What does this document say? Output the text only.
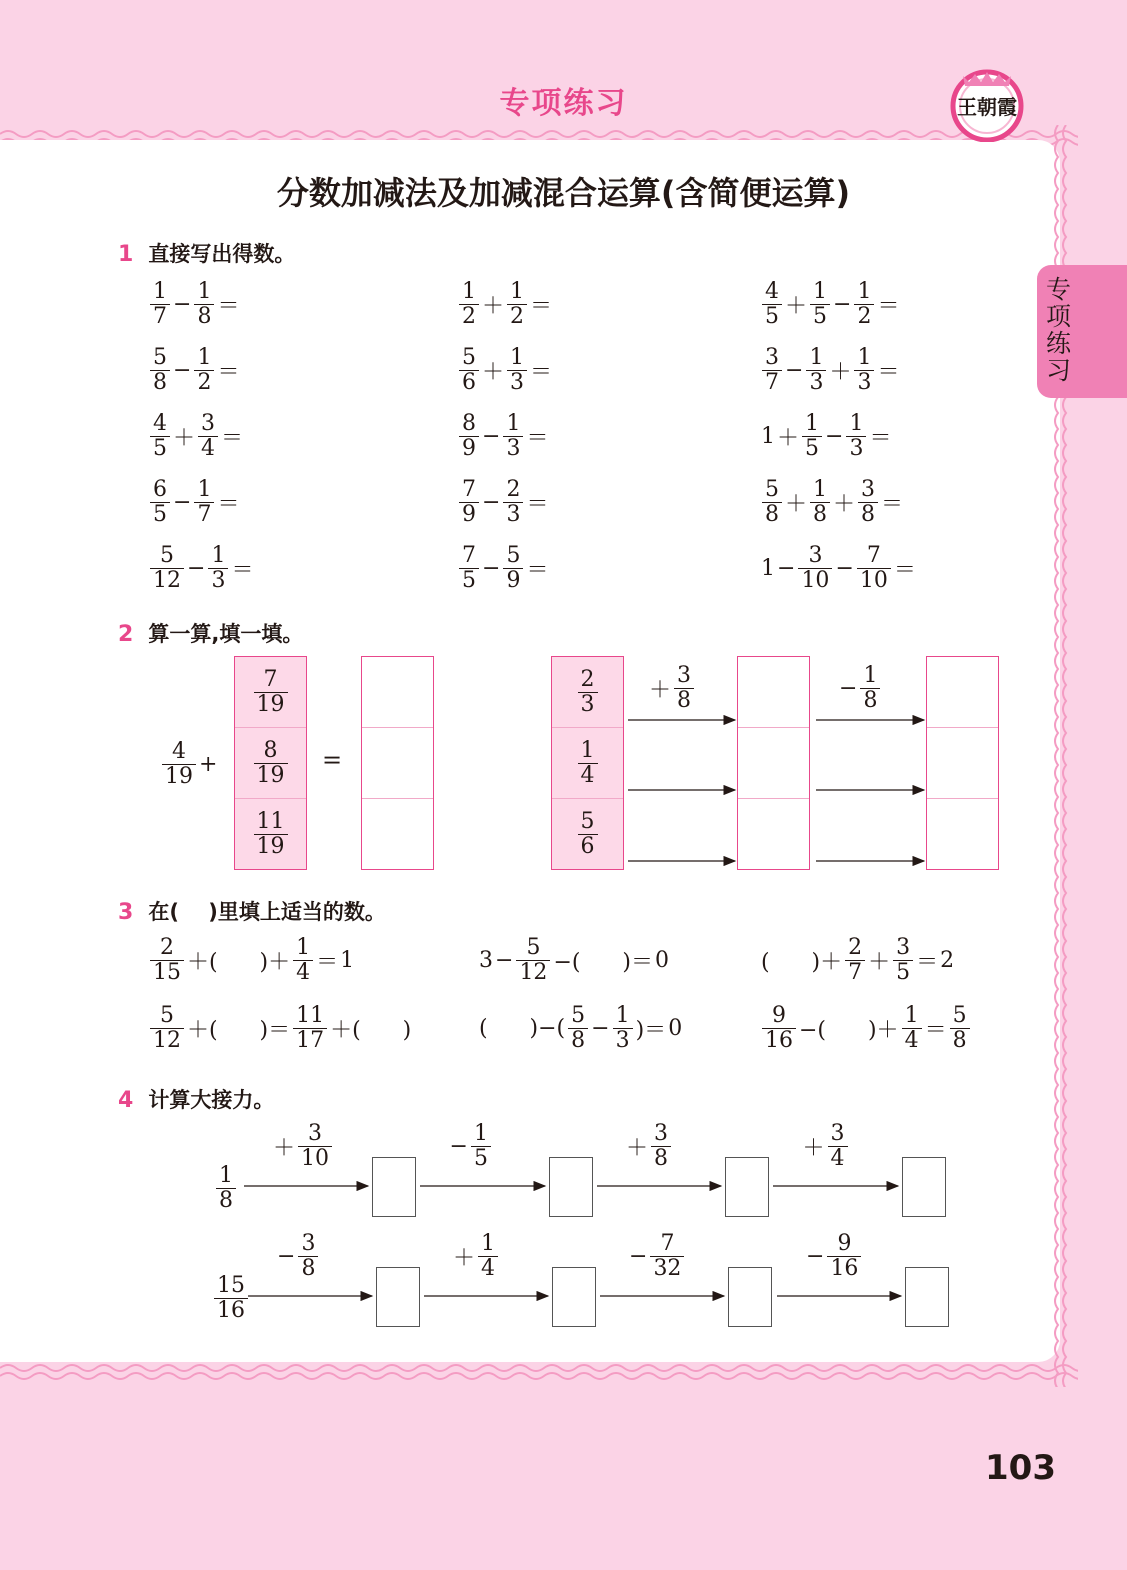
专项练习	王朝霞
专项练习
分数加减法及加减混合运算(含简便运算)
1 直接写出得数。
2 算一算,填一填。
3 在(    )里填上适当的数。
4 计算大接力。
$\frac{1}{7} - \frac{1}{8}$ ＝	$\frac{1}{2} + \frac{1}{2}$ ＝	$\frac{4}{5} + \frac{1}{5} - \frac{1}{2}$ ＝
$\frac{5}{8} - \frac{1}{2}$ ＝	$\frac{5}{6} + \frac{1}{3}$ ＝	$\frac{3}{7} - \frac{1}{3} + \frac{1}{3}$ ＝
$\frac{4}{5} + \frac{3}{4}$ ＝	$\frac{8}{9} - \frac{1}{3}$ ＝	$1 + \frac{1}{5} - \frac{1}{3}$ ＝
$\frac{6}{5} - \frac{1}{7}$ ＝	$\frac{7}{9} - \frac{2}{3}$ ＝	$\frac{5}{8} + \frac{1}{8} + \frac{3}{8}$ ＝
$\frac{5}{12} - \frac{1}{3}$ ＝	$\frac{7}{5} - \frac{5}{9}$ ＝	$1 - \frac{3}{10} - \frac{7}{10}$ ＝
$\frac{4}{19}$ +
$\frac{7}{19}$
$\frac{8}{19}$
$\frac{11}{19}$
=
$\frac{2}{3}$
$\frac{1}{4}$
$\frac{5}{6}$
＋ $\frac{3}{8}$	− $\frac{1}{8}$
$\frac{2}{15}$ ＋(      )＋ $\frac{1}{4} = 1$	$3 - \frac{5}{12}$ −(      )＝ 0	(      )＋ $\frac{2}{7} + \frac{3}{5} = 2$
$\frac{5}{12}$ ＋(      )＝ $\frac{11}{17}$ ＋(      )	(      )−( $\frac{5}{8} - \frac{1}{3}$ )＝ 0	$\frac{9}{16}$ −(      )＋ $\frac{1}{4} = \frac{5}{8}$
$\frac{1}{8}$
＋ $\frac{3}{10}$	− $\frac{1}{5}$	＋ $\frac{3}{8}$	＋ $\frac{3}{4}$
$\frac{15}{16}$
− $\frac{3}{8}$	＋ $\frac{1}{4}$	− $\frac{7}{32}$	− $\frac{9}{16}$
103
